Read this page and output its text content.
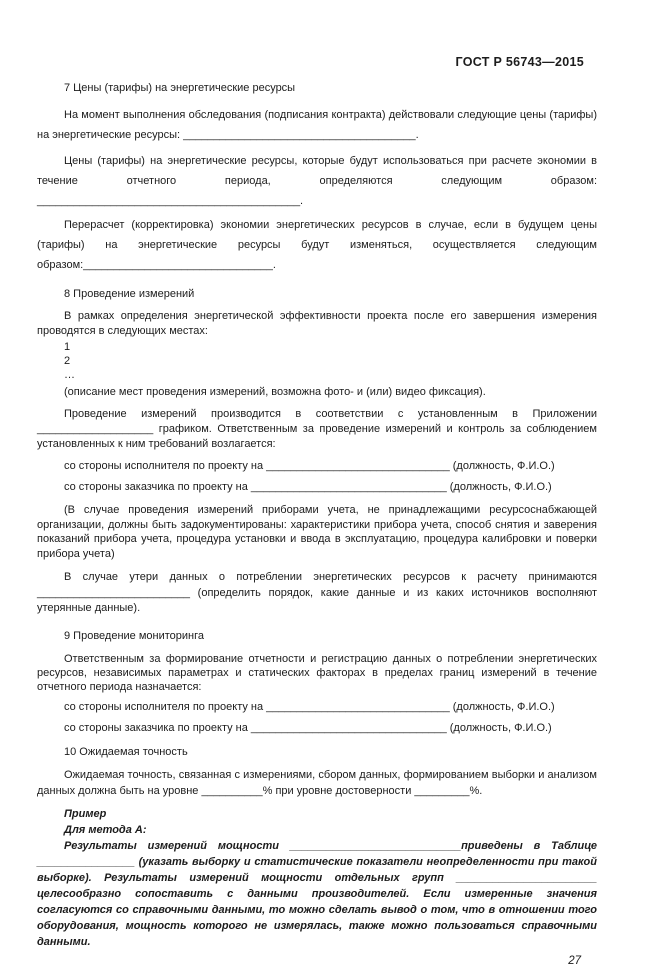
ГОСТ Р 56743—2015

7 Цены (тарифы) на энергетические ресурсы

На момент выполнения обследования (подписания контракта) действовали следующие цены (тарифы) на энергетические ресурсы: ______________________________________.

Цены (тарифы) на энергетические ресурсы, которые будут использоваться при расчете экономии в течение отчетного периода, определяются следующим образом: ___________________________________________.

Перерасчет (корректировка) экономии энергетических ресурсов в случае, если в будущем цены (тарифы) на энергетические ресурсы будут изменяться, осуществляется следующим образом:_______________________________.

8 Проведение измерений

В рамках определения энергетической эффективности проекта после его завершения измерения проводятся в следующих местах:

1

2

…

(описание мест проведения измерений, возможна фото- и (или) видео фиксация).

Проведение измерений производится в соответствии с установленным в Приложении ___________________ графиком. Ответственным за проведение измерений и контроль за соблюдением установленных к ним требований возлагается:

со стороны исполнителя по проекту на ______________________________ (должность, Ф.И.О.)

со стороны заказчика по проекту на ________________________________ (должность, Ф.И.О.)

(В случае проведения измерений приборами учета, не принадлежащими ресурсоснабжающей организации, должны быть задокументированы: характеристики прибора учета, способ снятия и заверения показаний прибора учета, процедура установки и ввода в эксплуатацию, процедура калибровки и поверки прибора учета)

В случае утери данных о потреблении энергетических ресурсов к расчету принимаются _________________________ (определить порядок, какие данные и из каких источников восполняют утерянные данные).

9 Проведение мониторинга

Ответственным за формирование отчетности и регистрацию данных о потреблении энергетических ресурсов, независимых параметрах и статических факторах в пределах границ измерений в течение отчетного периода назначается:

со стороны исполнителя по проекту на ______________________________ (должность, Ф.И.О.)

со стороны заказчика по проекту на ________________________________ (должность, Ф.И.О.)

10 Ожидаемая точность

Ожидаемая точность, связанная с измерениями, сбором данных, формированием выборки и анализом данных должна быть на уровне __________% при уровне достоверности _________%.

Пример

Для метода А:

Результаты измерений мощности ____________________________приведены в Таблице ________________ (указать выборку и статистические показатели неопределенности при такой выборке). Результаты измерений мощности отдельных групп _______________________ целесообразно сопоставить с данными производителей. Если измеренные значения согласуются со справочными данными, то можно сделать вывод о том, что в отношении того оборудования, мощность которого не измерялась, также можно пользоваться справочными данными.

27
